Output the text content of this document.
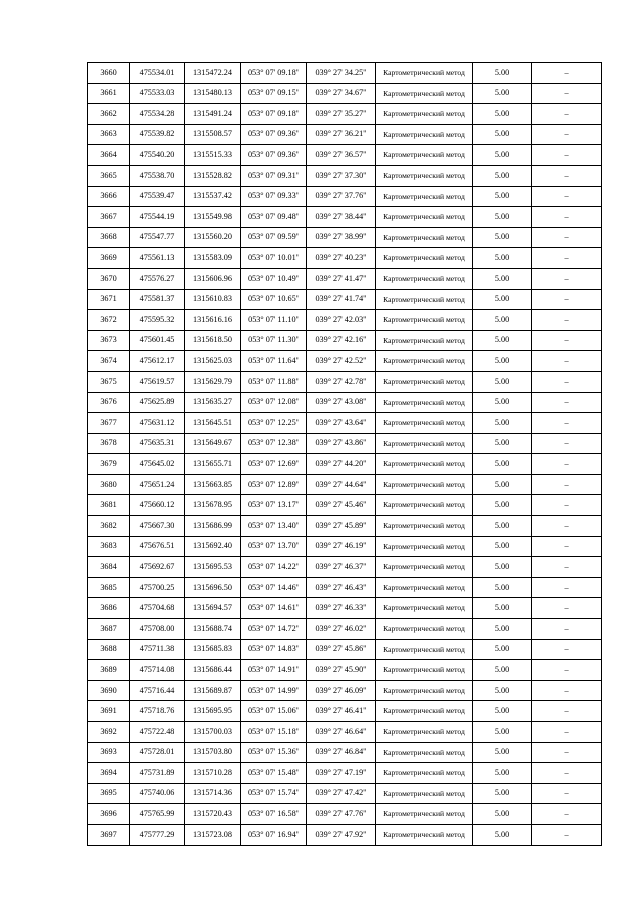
3660	475534.01	1315472.24	053° 07' 09.18"	039° 27' 34.25"	Картометрический метод	5.00	–
3661	475533.03	1315480.13	053° 07' 09.15"	039° 27' 34.67"	Картометрический метод	5.00	–
3662	475534.28	1315491.24	053° 07' 09.18"	039° 27' 35.27"	Картометрический метод	5.00	–
3663	475539.82	1315508.57	053° 07' 09.36"	039° 27' 36.21"	Картометрический метод	5.00	–
3664	475540.20	1315515.33	053° 07' 09.36"	039° 27' 36.57"	Картометрический метод	5.00	–
3665	475538.70	1315528.82	053° 07' 09.31"	039° 27' 37.30"	Картометрический метод	5.00	–
3666	475539.47	1315537.42	053° 07' 09.33"	039° 27' 37.76"	Картометрический метод	5.00	–
3667	475544.19	1315549.98	053° 07' 09.48"	039° 27' 38.44"	Картометрический метод	5.00	–
3668	475547.77	1315560.20	053° 07' 09.59"	039° 27' 38.99"	Картометрический метод	5.00	–
3669	475561.13	1315583.09	053° 07' 10.01"	039° 27' 40.23"	Картометрический метод	5.00	–
3670	475576.27	1315606.96	053° 07' 10.49"	039° 27' 41.47"	Картометрический метод	5.00	–
3671	475581.37	1315610.83	053° 07' 10.65"	039° 27' 41.74"	Картометрический метод	5.00	–
3672	475595.32	1315616.16	053° 07' 11.10"	039° 27' 42.03"	Картометрический метод	5.00	–
3673	475601.45	1315618.50	053° 07' 11.30"	039° 27' 42.16"	Картометрический метод	5.00	–
3674	475612.17	1315625.03	053° 07' 11.64"	039° 27' 42.52"	Картометрический метод	5.00	–
3675	475619.57	1315629.79	053° 07' 11.88"	039° 27' 42.78"	Картометрический метод	5.00	–
3676	475625.89	1315635.27	053° 07' 12.08"	039° 27' 43.08"	Картометрический метод	5.00	–
3677	475631.12	1315645.51	053° 07' 12.25"	039° 27' 43.64"	Картометрический метод	5.00	–
3678	475635.31	1315649.67	053° 07' 12.38"	039° 27' 43.86"	Картометрический метод	5.00	–
3679	475645.02	1315655.71	053° 07' 12.69"	039° 27' 44.20"	Картометрический метод	5.00	–
3680	475651.24	1315663.85	053° 07' 12.89"	039° 27' 44.64"	Картометрический метод	5.00	–
3681	475660.12	1315678.95	053° 07' 13.17"	039° 27' 45.46"	Картометрический метод	5.00	–
3682	475667.30	1315686.99	053° 07' 13.40"	039° 27' 45.89"	Картометрический метод	5.00	–
3683	475676.51	1315692.40	053° 07' 13.70"	039° 27' 46.19"	Картометрический метод	5.00	–
3684	475692.67	1315695.53	053° 07' 14.22"	039° 27' 46.37"	Картометрический метод	5.00	–
3685	475700.25	1315696.50	053° 07' 14.46"	039° 27' 46.43"	Картометрический метод	5.00	–
3686	475704.68	1315694.57	053° 07' 14.61"	039° 27' 46.33"	Картометрический метод	5.00	–
3687	475708.00	1315688.74	053° 07' 14.72"	039° 27' 46.02"	Картометрический метод	5.00	–
3688	475711.38	1315685.83	053° 07' 14.83"	039° 27' 45.86"	Картометрический метод	5.00	–
3689	475714.08	1315686.44	053° 07' 14.91"	039° 27' 45.90"	Картометрический метод	5.00	–
3690	475716.44	1315689.87	053° 07' 14.99"	039° 27' 46.09"	Картометрический метод	5.00	–
3691	475718.76	1315695.95	053° 07' 15.06"	039° 27' 46.41"	Картометрический метод	5.00	–
3692	475722.48	1315700.03	053° 07' 15.18"	039° 27' 46.64"	Картометрический метод	5.00	–
3693	475728.01	1315703.80	053° 07' 15.36"	039° 27' 46.84"	Картометрический метод	5.00	–
3694	475731.89	1315710.28	053° 07' 15.48"	039° 27' 47.19"	Картометрический метод	5.00	–
3695	475740.06	1315714.36	053° 07' 15.74"	039° 27' 47.42"	Картометрический метод	5.00	–
3696	475765.99	1315720.43	053° 07' 16.58"	039° 27' 47.76"	Картометрический метод	5.00	–
3697	475777.29	1315723.08	053° 07' 16.94"	039° 27' 47.92"	Картометрический метод	5.00	–
